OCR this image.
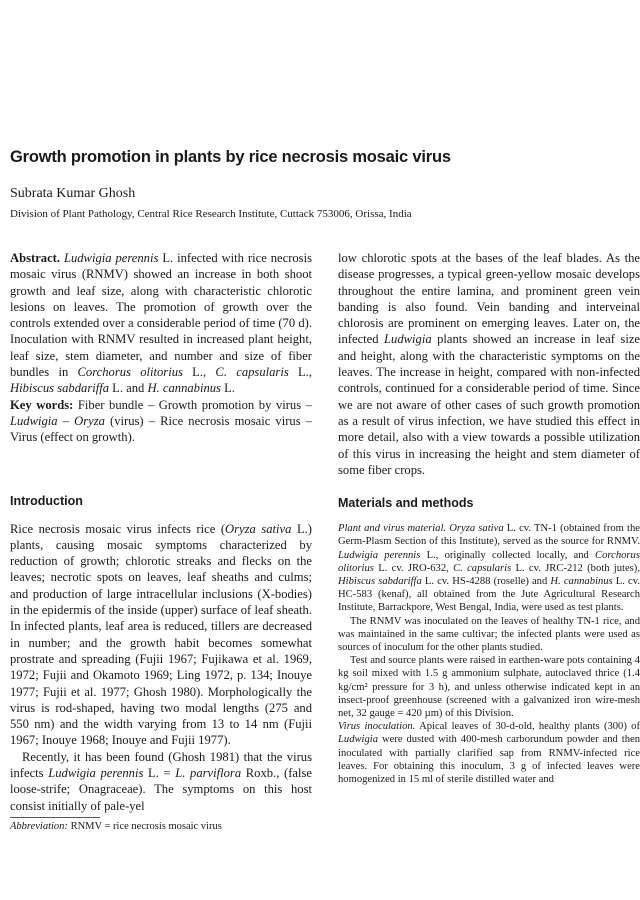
Growth promotion in plants by rice necrosis mosaic virus
Subrata Kumar Ghosh
Division of Plant Pathology, Central Rice Research Institute, Cuttack 753006, Orissa, India

Abstract. Ludwigia perennis L. infected with rice necrosis mosaic virus (RNMV) showed an increase in both shoot growth and leaf size, along with characteristic chlorotic lesions on leaves. The promotion of growth over the controls extended over a considerable period of time (70 d). Inoculation with RNMV resulted in increased plant height, leaf size, stem diameter, and number and size of fiber bundles in Corchorus olitorius L., C. capsularis L., Hibiscus sabdariffa L. and H. cannabinus L.

Key words: Fiber bundle – Growth promotion by virus – Ludwigia – Oryza (virus) – Rice necrosis mosaic virus – Virus (effect on growth).

Introduction

Rice necrosis mosaic virus infects rice (Oryza sativa L.) plants, causing mosaic symptoms characterized by reduction of growth; chlorotic streaks and flecks on the leaves; necrotic spots on leaves, leaf sheaths and culms; and production of large intracellular inclusions (X-bodies) in the epidermis of the inside (upper) surface of leaf sheath. In infected plants, leaf area is reduced, tillers are decreased in number; and the growth habit becomes somewhat prostrate and spreading (Fujii 1967; Fujikawa et al. 1969, 1972; Fujii and Okamoto 1969; Ling 1972, p. 134; Inouye 1977; Fujii et al. 1977; Ghosh 1980). Morphologically the virus is rod-shaped, having two modal lengths (275 and 550 nm) and the width varying from 13 to 14 nm (Fujii 1967; Inouye 1968; Inouye and Fujii 1977).

Recently, it has been found (Ghosh 1981) that the virus infects Ludwigia perennis L. = L. parviflora Roxb., (false loose-strife; Onagraceae). The symptoms on this host consist initially of pale-yel

Abbreviation: RNMV = rice necrosis mosaic virus

low chlorotic spots at the bases of the leaf blades. As the disease progresses, a typical green-yellow mosaic develops throughout the entire lamina, and prominent green vein banding is also found. Vein banding and interveinal chlorosis are prominent on emerging leaves. Later on, the infected Ludwigia plants showed an increase in leaf size and height, along with the characteristic symptoms on the leaves. The increase in height, compared with non-infected controls, continued for a considerable period of time. Since we are not aware of other cases of such growth promotion as a result of virus infection, we have studied this effect in more detail, also with a view towards a possible utilization of this virus in increasing the height and stem diameter of some fiber crops.

Materials and methods

Plant and virus material. Oryza sativa L. cv. TN-1 (obtained from the Germ-Plasm Section of this Institute), served as the source for RNMV. Ludwigia perennis L., originally collected locally, and Corchorus olitorius L. cv. JRO-632, C. capsularis L. cv. JRC-212 (both jutes), Hibiscus sabdariffa L. cv. HS-4288 (roselle) and H. cannabinus L. cv. HC-583 (kenaf), all obtained from the Jute Agricultural Research Institute, Barrackpore, West Bengal, India, were used as test plants.

The RNMV was inoculated on the leaves of healthy TN-1 rice, and was maintained in the same cultivar; the infected plants were used as sources of inoculum for the other plants studied.

Test and source plants were raised in earthen-ware pots containing 4 kg soil mixed with 1.5 g ammonium sulphate, autoclaved thrice (1.4 kg/cm² pressure for 3 h), and unless otherwise indicated kept in an insect-proof greenhouse (screened with a galvanized iron wire-mesh net, 32 gauge = 420 µm) of this Division.

Virus inoculation. Apical leaves of 30-d-old, healthy plants (300) of Ludwigia were dusted with 400-mesh carborundum powder and then inoculated with partially clarified sap from RNMV-infected rice leaves. For obtaining this inoculum, 3 g of infected leaves were homogenized in 15 ml of sterile distilled water and
